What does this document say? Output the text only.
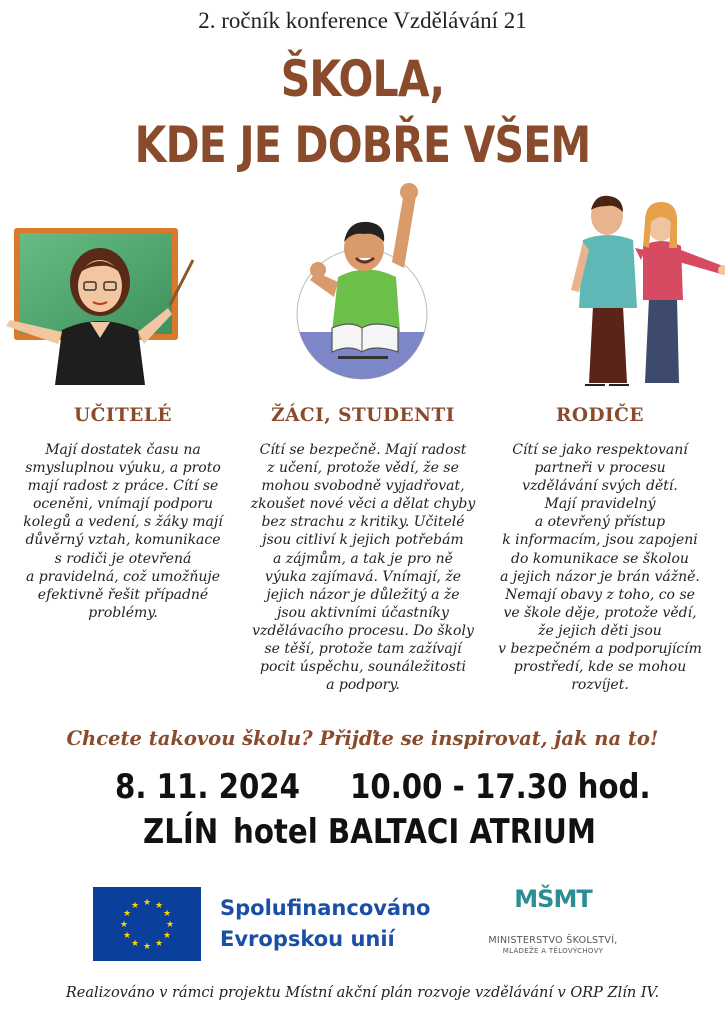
2. ročník konference Vzdělávání 21
ŠKOLA,
KDE JE DOBŘE VŠEM
UČITELÉ	ŽÁCI, STUDENTI	RODIČE
Mají dostatek času na
smysluplnou výuku, a proto
mají radost z práce. Cítí se
oceněni, vnímají podporu
kolegů a vedení, s žáky mají
důvěrný vztah, komunikace
s rodiči je otevřená
a pravidelná, což umožňuje
efektivně řešit případné
problémy.
Cítí se bezpečně. Mají radost
z učení, protože vědí, že se
mohou svobodně vyjadřovat,
zkoušet nové věci a dělat chyby
bez strachu z kritiky. Učitelé
jsou citliví k jejich potřebám
a zájmům, a tak je pro ně
výuka zajímavá. Vnímají, že
jejich názor je důležitý a že
jsou aktivními účastníky
vzdělávacího procesu. Do školy
se těší, protože tam zažívají
pocit úspěchu, sounáležitosti
a podpory.
Cítí se jako respektovaní
partneři v procesu
vzdělávání svých dětí.
Mají pravidelný
a otevřený přístup
k informacím, jsou zapojeni
do komunikace se školou
a jejich názor je brán vážně.
Nemají obavy z toho, co se
ve škole děje, protože vědí,
že jejich děti jsou
v bezpečném a podporujícím
prostředí, kde se mohou
rozvíjet.
Chcete takovou školu? Přijďte se inspirovat, jak na to!
8. 11. 2024 10.00 - 17.30 hod.
ZLÍN hotel BALTACI ATRIUM
★ ★
★
★
★
★
★
★
★
★
★
★	Spolufinancováno
Evropskou unií
MŠMT
MINISTERSTVO ŠKOLSTVÍ,
MLÁDEŽE A TĚLOVÝCHOVY
Realizováno v rámci projektu Místní akční plán rozvoje vzdělávání v ORP Zlín IV.
